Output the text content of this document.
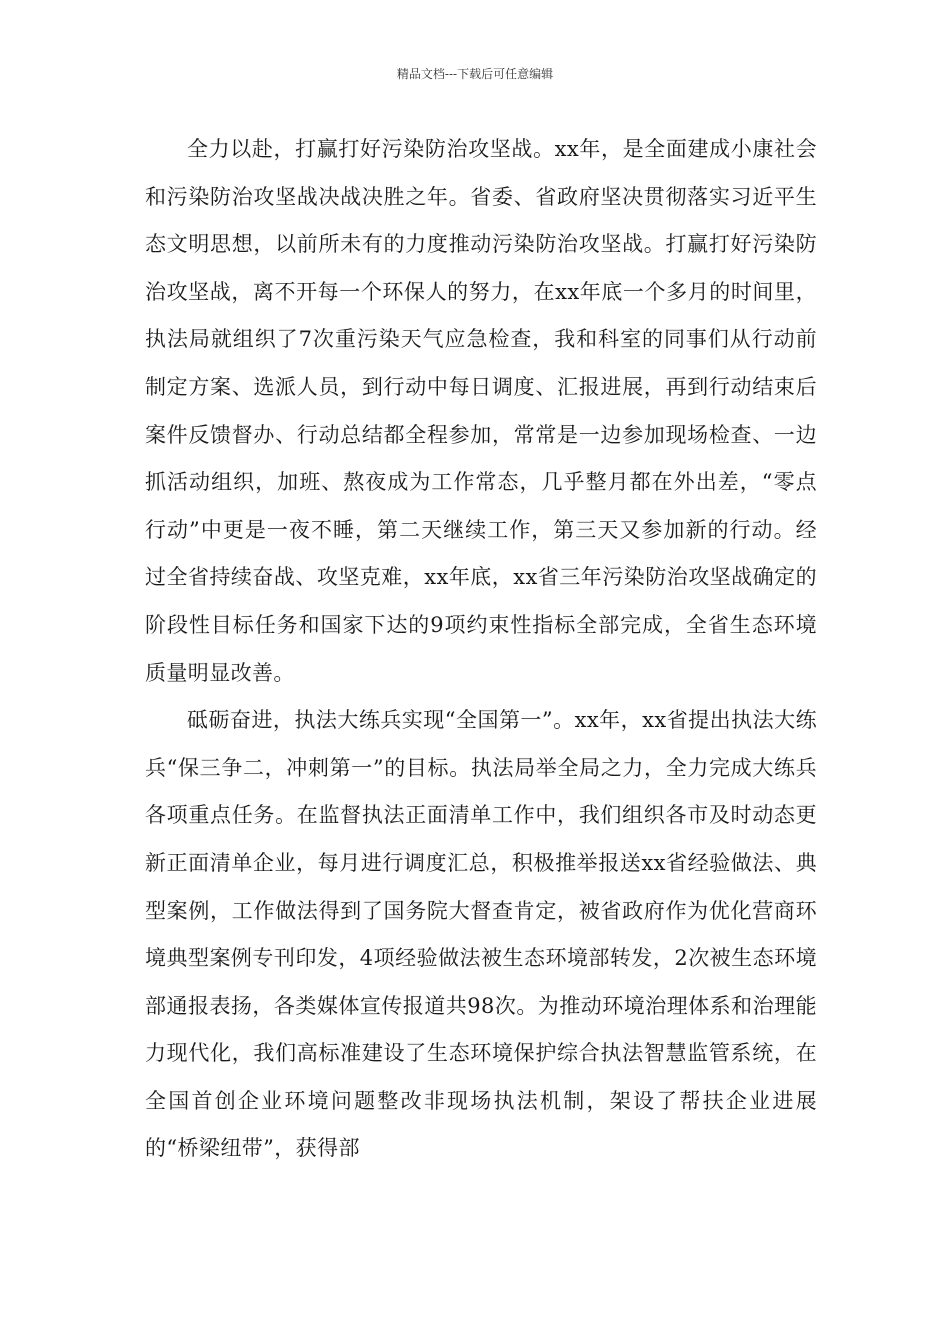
精品文档---下载后可任意编辑

全力以赴，打赢打好污染防治攻坚战。xx年，是全面建成小康社会和污染防治攻坚战决战决胜之年。省委、省政府坚决贯彻落实习近平生态文明思想，以前所未有的力度推动污染防治攻坚战。打赢打好污染防治攻坚战，离不开每一个环保人的努力，在xx年底一个多月的时间里，执法局就组织了7次重污染天气应急检查，我和科室的同事们从行动前制定方案、选派人员，到行动中每日调度、汇报进展，再到行动结束后案件反馈督办、行动总结都全程参加，常常是一边参加现场检查、一边抓活动组织，加班、熬夜成为工作常态，几乎整月都在外出差，“零点行动”中更是一夜不睡，第二天继续工作，第三天又参加新的行动。经过全省持续奋战、攻坚克难，xx年底，xx省三年污染防治攻坚战确定的阶段性目标任务和国家下达的9项约束性指标全部完成，全省生态环境质量明显改善。

砥砺奋进，执法大练兵实现“全国第一”。xx年，xx省提出执法大练兵“保三争二，冲刺第一”的目标。执法局举全局之力，全力完成大练兵各项重点任务。在监督执法正面清单工作中，我们组织各市及时动态更新正面清单企业，每月进行调度汇总，积极推举报送xx省经验做法、典型案例，工作做法得到了国务院大督查肯定，被省政府作为优化营商环境典型案例专刊印发，4项经验做法被生态环境部转发，2次被生态环境部通报表扬，各类媒体宣传报道共98次。为推动环境治理体系和治理能力现代化，我们高标准建设了生态环境保护综合执法智慧监管系统，在全国首创企业环境问题整改非现场执法机制，架设了帮扶企业进展的“桥梁纽带”，获得部
